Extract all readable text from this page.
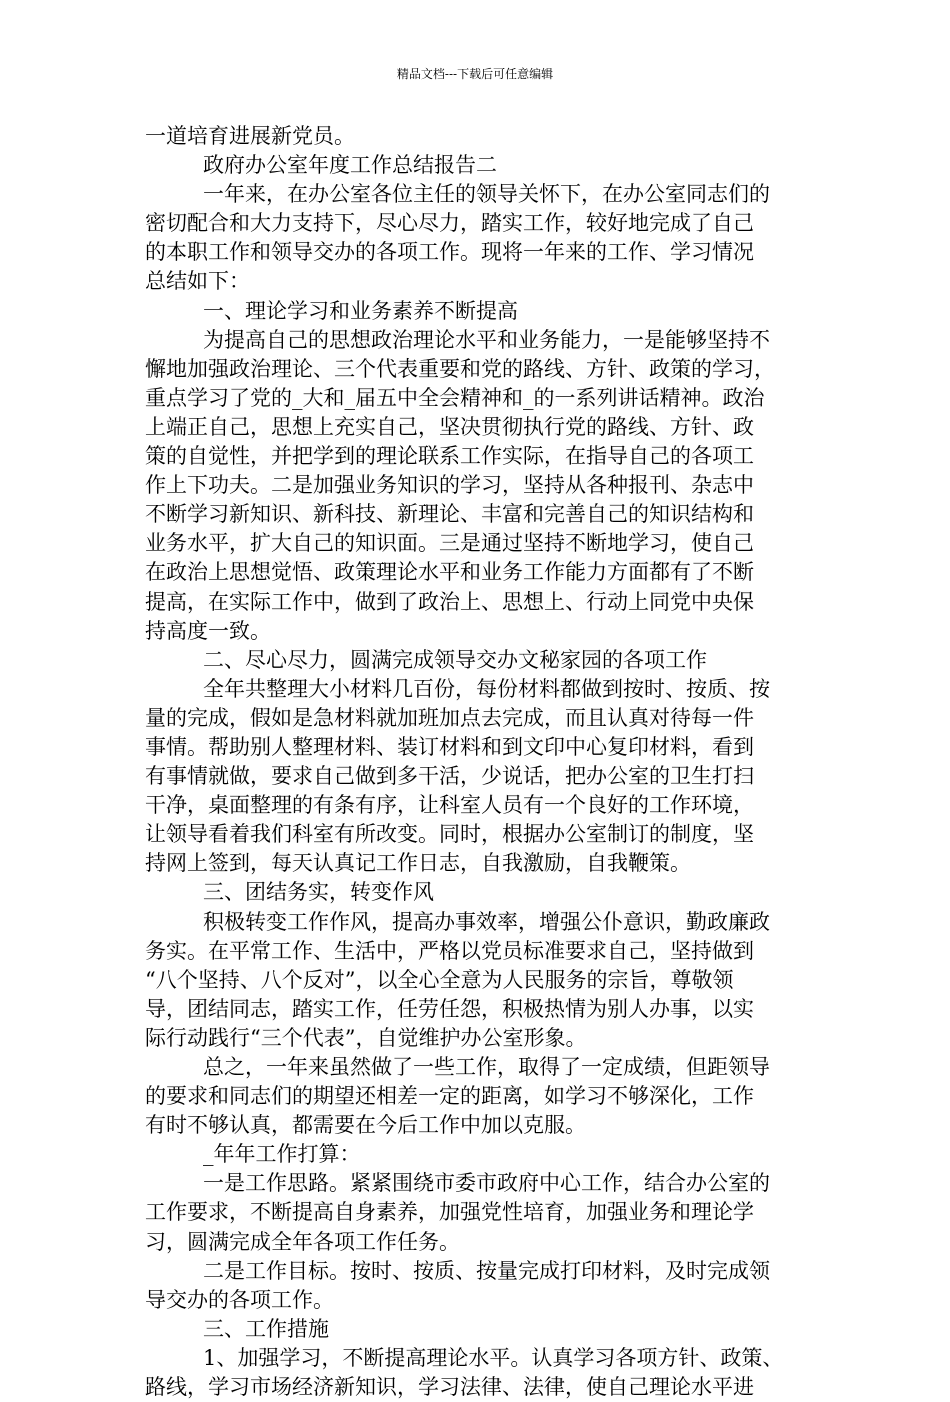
精品文档---下载后可任意编辑
一道培育进展新党员。
政府办公室年度工作总结报告二
一年来，在办公室各位主任的领导关怀下，在办公室同志们的
密切配合和大力支持下，尽心尽力，踏实工作，较好地完成了自己
的本职工作和领导交办的各项工作。现将一年来的工作、学习情况
总结如下：
一、理论学习和业务素养不断提高
为提高自己的思想政治理论水平和业务能力，一是能够坚持不
懈地加强政治理论、三个代表重要和党的路线、方针、政策的学习，
重点学习了党的_大和_届五中全会精神和_的一系列讲话精神。政治
上端正自己，思想上充实自己，坚决贯彻执行党的路线、方针、政
策的自觉性，并把学到的理论联系工作实际，在指导自己的各项工
作上下功夫。二是加强业务知识的学习，坚持从各种报刊、杂志中
不断学习新知识、新科技、新理论、丰富和完善自己的知识结构和
业务水平，扩大自己的知识面。三是通过坚持不断地学习，使自己
在政治上思想觉悟、政策理论水平和业务工作能力方面都有了不断
提高，在实际工作中，做到了政治上、思想上、行动上同党中央保
持高度一致。
二、尽心尽力，圆满完成领导交办文秘家园的各项工作
全年共整理大小材料几百份，每份材料都做到按时、按质、按
量的完成，假如是急材料就加班加点去完成，而且认真对待每一件
事情。帮助别人整理材料、装订材料和到文印中心复印材料，看到
有事情就做，要求自己做到多干活，少说话，把办公室的卫生打扫
干净，桌面整理的有条有序，让科室人员有一个良好的工作环境，
让领导看着我们科室有所改变。同时，根据办公室制订的制度，坚
持网上签到，每天认真记工作日志，自我激励，自我鞭策。
三、团结务实，转变作风
积极转变工作作风，提高办事效率，增强公仆意识，勤政廉政
务实。在平常工作、生活中，严格以党员标准要求自己，坚持做到
“八个坚持、八个反对”，以全心全意为人民服务的宗旨，尊敬领
导，团结同志，踏实工作，任劳任怨，积极热情为别人办事，以实
际行动践行“三个代表”，自觉维护办公室形象。
总之，一年来虽然做了一些工作，取得了一定成绩，但距领导
的要求和同志们的期望还相差一定的距离，如学习不够深化，工作
有时不够认真，都需要在今后工作中加以克服。
_年年工作打算：
一是工作思路。紧紧围绕市委市政府中心工作，结合办公室的
工作要求，不断提高自身素养，加强党性培育，加强业务和理论学
习，圆满完成全年各项工作任务。
二是工作目标。按时、按质、按量完成打印材料，及时完成领
导交办的各项工作。
三、工作措施
1、加强学习，不断提高理论水平。认真学习各项方针、政策、
路线，学习市场经济新知识，学习法律、法律，使自己理论水平进
